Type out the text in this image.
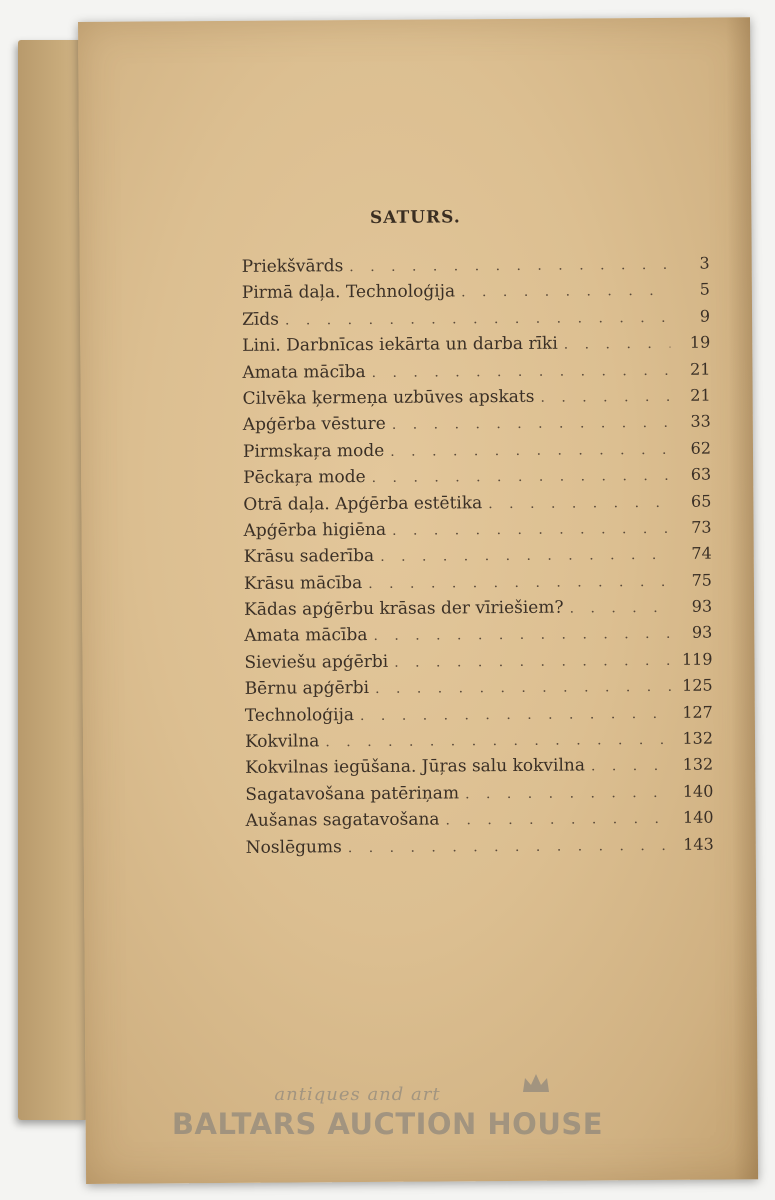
SATURS.
Priekšvārds . . .	3
Pirmā daļa. Technoloģija . . .	5
Zīds . . .	9
Lini. Darbnīcas iekārta un darba rīki . . .	19
Amata mācība . . .	21
Cilvēka ķermeņa uzbūves apskats . . .	21
Apģērba vēsture . . .	33
Pirmskaŗa mode . . .	62
Pēckaŗa mode . . .	63
Otrā daļa. Apģērba estētika . . .	65
Apģērba higiēna . . .	73
Krāsu saderība . . .	74
Krāsu mācība . . .	75
Kādas apģērbu krāsas der vīriešiem? . . .	93
Amata mācība . . .	93
Sieviešu apģērbi . . .	119
Bērnu apģērbi . . .	125
Technoloģija . . .	127
Kokvilna . . .	132
Kokvilnas iegūšana. Jūŗas salu kokvilna . . .	132
Sagatavošana patēriņam . . .	140
Aušanas sagatavošana . . .	140
Noslēgums . . .	143
antiques and art
BALTARS AUCTION HOUSE
